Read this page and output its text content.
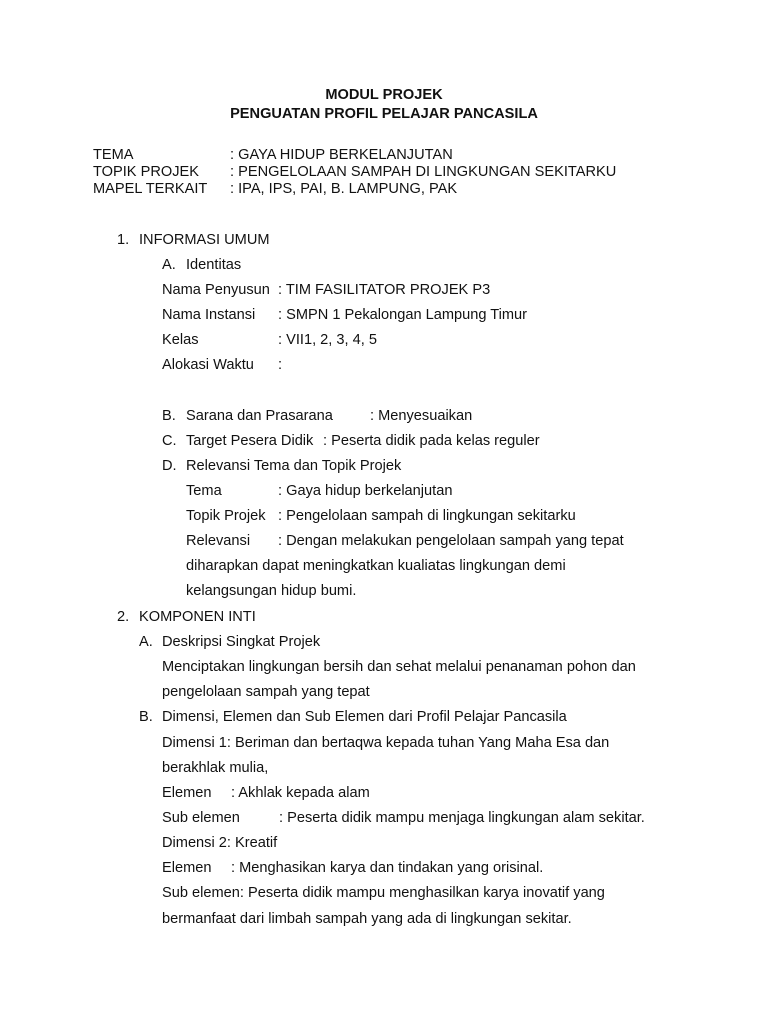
MODUL PROJEK
PENGUATAN PROFIL PELAJAR PANCASILA
TEMA	: GAYA HIDUP BERKELANJUTAN
TOPIK PROJEK : PENGELOLAAN SAMPAH DI LINGKUNGAN SEKITARKU
MAPEL TERKAIT : IPA, IPS, PAI, B. LAMPUNG, PAK
1. INFORMASI UMUM
A. Identitas
Nama Penyusun : TIM FASILITATOR PROJEK P3
Nama Instansi : SMPN 1 Pekalongan Lampung Timur
Kelas	: VII1, 2, 3, 4, 5
Alokasi Waktu :
B. Sarana dan Prasarana	: Menyesuaikan
C. Target Pesera Didik : Peserta didik pada kelas reguler
D. Relevansi Tema dan Topik Projek
Tema	: Gaya hidup berkelanjutan
Topik Projek : Pengelolaan sampah di lingkungan sekitarku
Relevansi : Dengan melakukan pengelolaan sampah yang tepat
diharapkan dapat meningkatkan kualiatas lingkungan demi
kelangsungan hidup bumi.
2. KOMPONEN INTI
A. Deskripsi Singkat Projek
Menciptakan lingkungan bersih dan sehat melalui penanaman pohon dan
pengelolaan sampah yang tepat
B. Dimensi, Elemen dan Sub Elemen dari Profil Pelajar Pancasila
Dimensi 1: Beriman dan bertaqwa kepada tuhan Yang Maha Esa dan
berakhlak mulia,
Elemen : Akhlak kepada alam
Sub elemen	: Peserta didik mampu menjaga lingkungan alam sekitar.
Dimensi 2: Kreatif
Elemen : Menghasikan karya dan tindakan yang orisinal.
Sub elemen: Peserta didik mampu menghasilkan karya inovatif yang
bermanfaat dari limbah sampah yang ada di lingkungan sekitar.
